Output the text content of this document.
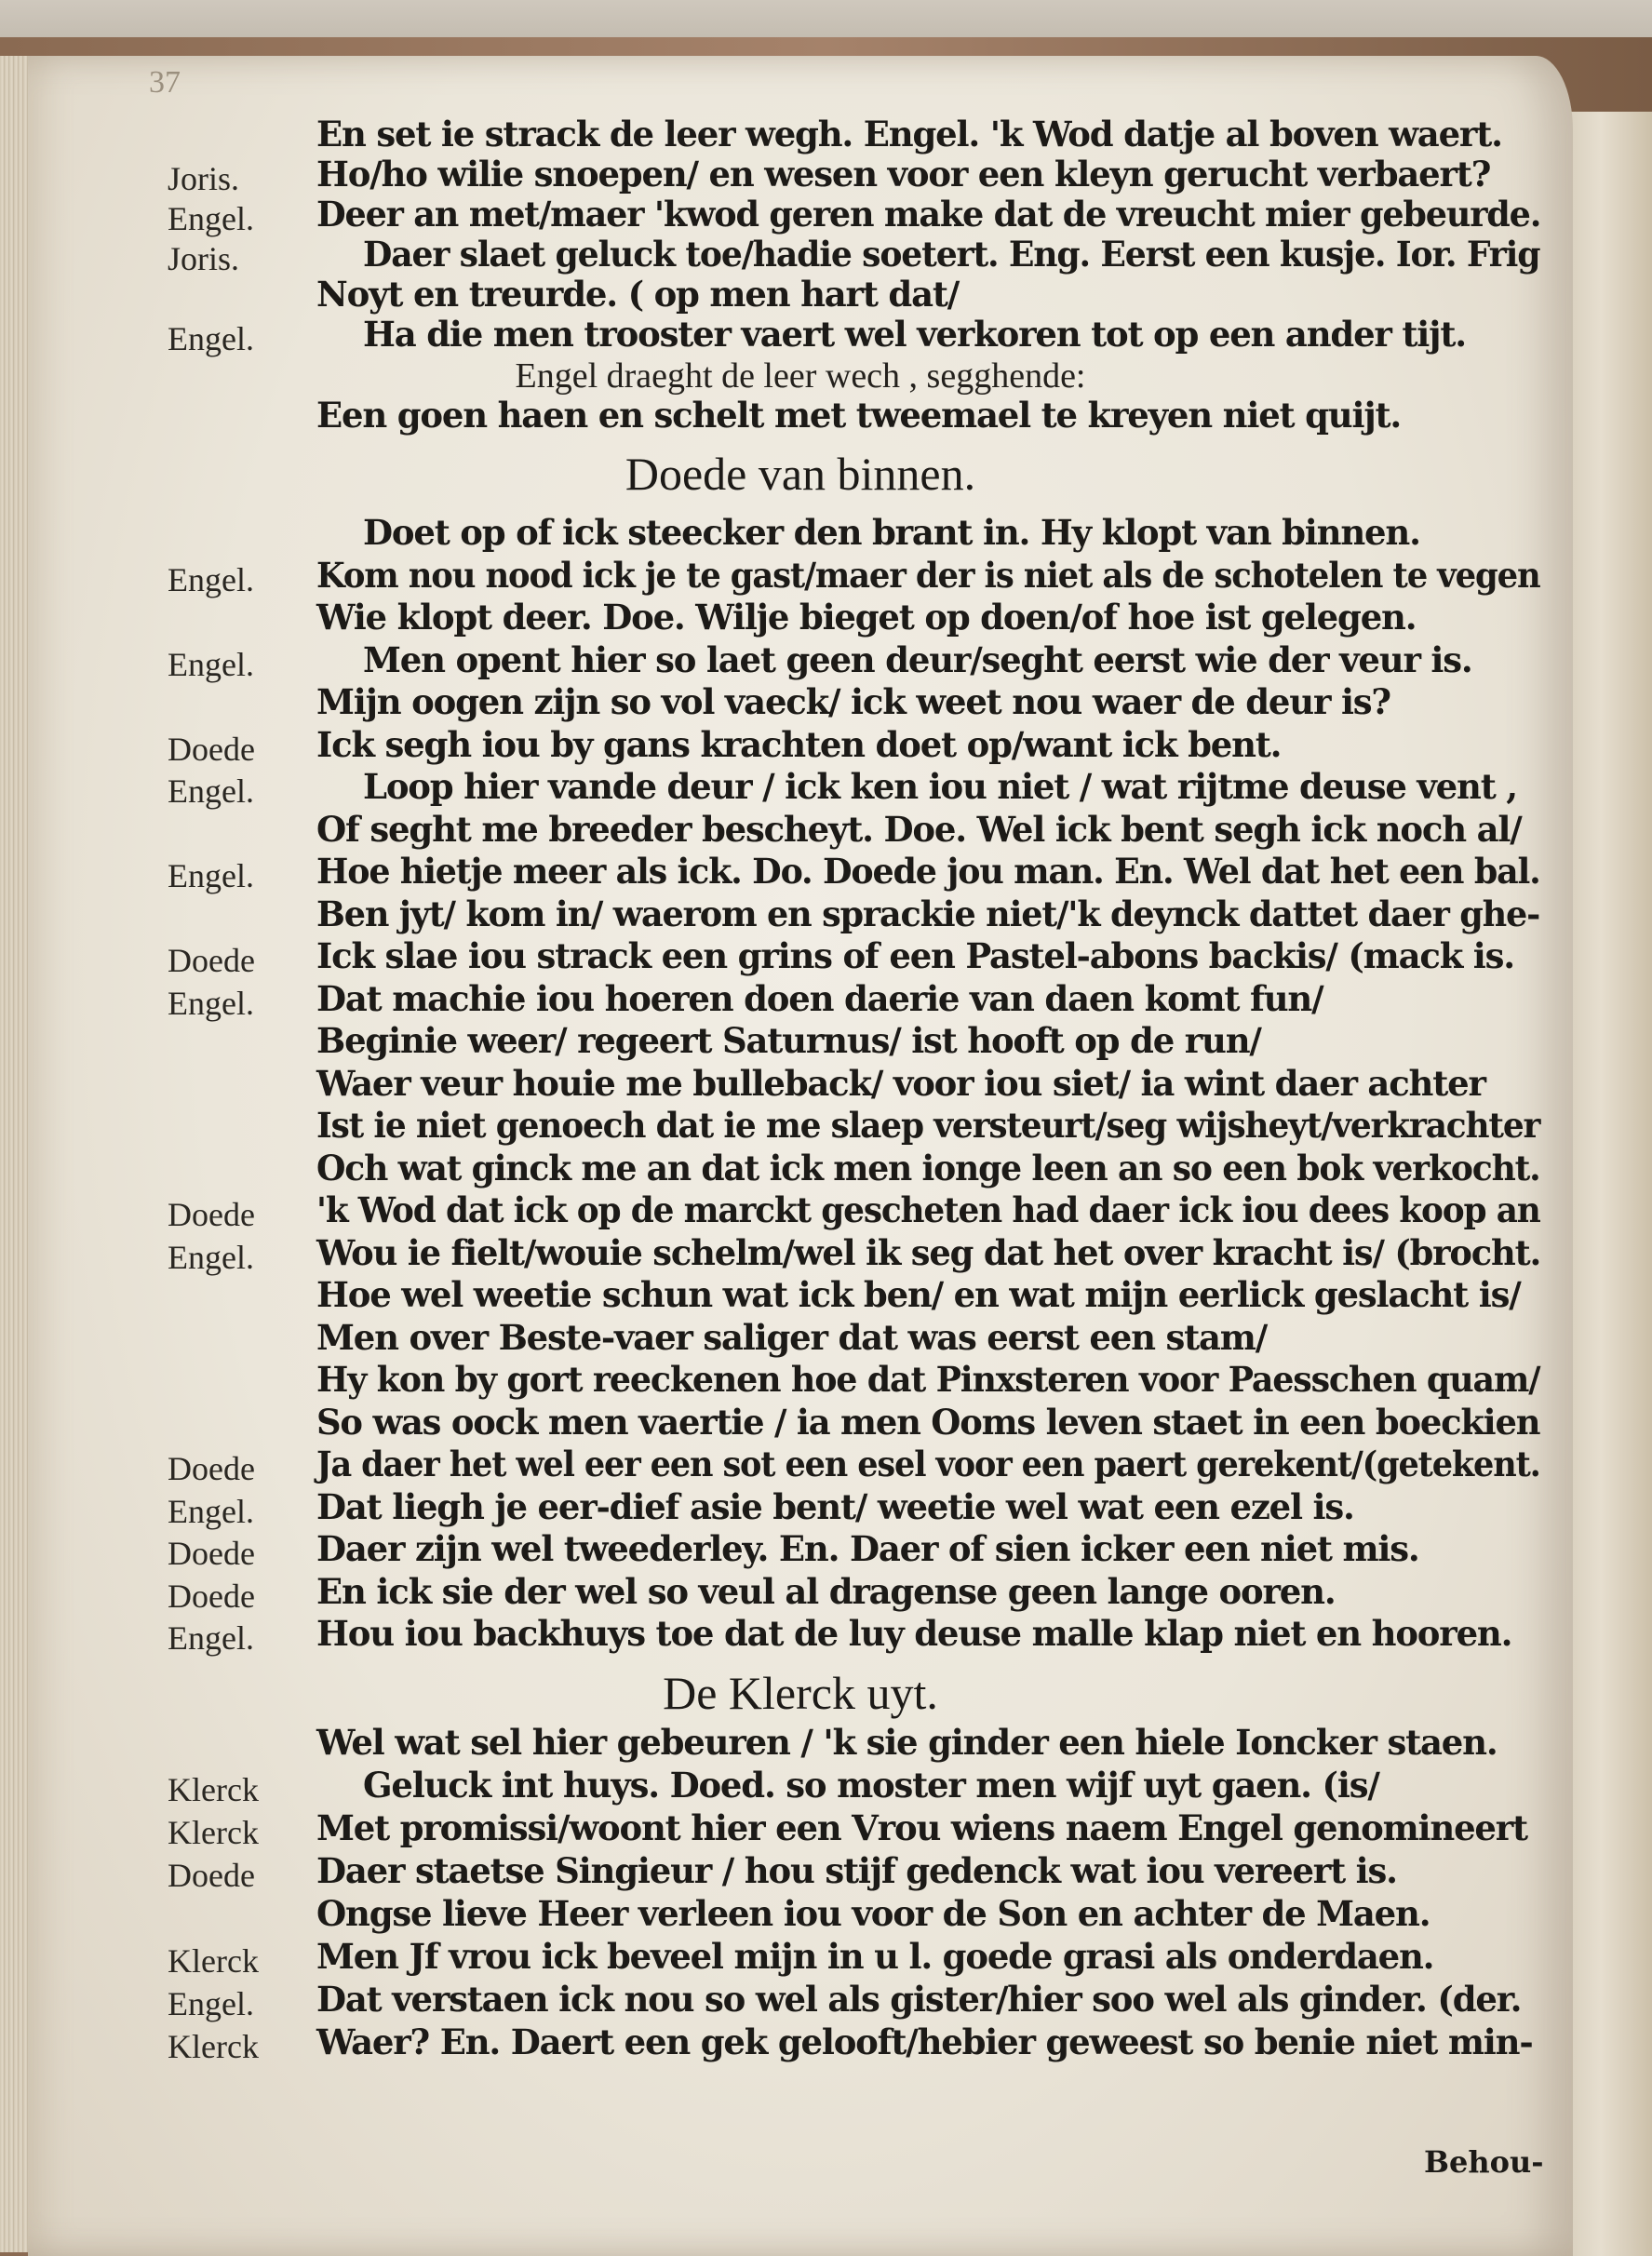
37
En set ie strack de leer wegh. Engel. 'k Wod datje al boven waert.
Joris.	Ho/ho wilie snoepen/ en wesen voor een kleyn gerucht verbaert?
Engel.	Deer an met/maer 'kwod geren make dat de vreucht mier gebeurde.
Joris.	Daer slaet geluck toe/hadie soetert. Eng. Eerst een kusje. Ior. Frig
Noyt en treurde. ( op men hart dat/
Engel.	Ha die men trooster vaert wel verkoren tot op een ander tijt.
Engel draeght de leer wech , segghende:
Een goen haen en schelt met tweemael te kreyen niet quijt.
Doede van binnen.
Doet op of ick steecker den brant in. Hy klopt van binnen.
Engel.	Kom nou nood ick je te gast/maer der is niet als de schotelen te vegen
Wie klopt deer. Doe. Wilje bieget op doen/of hoe ist gelegen.
Engel.	Men opent hier so laet geen deur/seght eerst wie der veur is.
Mijn oogen zijn so vol vaeck/ ick weet nou waer de deur is?
Doede	Ick segh iou by gans krachten doet op/want ick bent.
Engel.	Loop hier vande deur / ick ken iou niet / wat rijtme deuse vent ,
Of seght me breeder bescheyt. Doe. Wel ick bent segh ick noch al/
Engel.	Hoe hietje meer als ick. Do. Doede jou man. En. Wel dat het een bal.
Ben jyt/ kom in/ waerom en sprackie niet/'k deynck dattet daer ghe-
Doede	Ick slae iou strack een grins of een Pastel-abons backis/ (mack is.
Engel.	Dat machie iou hoeren doen daerie van daen komt fun/
Beginie weer/ regeert Saturnus/ ist hooft op de run/
Waer veur houie me bulleback/ voor iou siet/ ia wint daer achter
Ist ie niet genoech dat ie me slaep versteurt/seg wijsheyt/verkrachter
Och wat ginck me an dat ick men ionge leen an so een bok verkocht.
Doede	'k Wod dat ick op de marckt gescheten had daer ick iou dees koop an
Engel.	Wou ie fielt/wouie schelm/wel ik seg dat het over kracht is/ (brocht.
Hoe wel weetie schun wat ick ben/ en wat mijn eerlick geslacht is/
Men over Beste-vaer saliger dat was eerst een stam/
Hy kon by gort reeckenen hoe dat Pinxsteren voor Paesschen quam/
So was oock men vaertie / ia men Ooms leven staet in een boeckien
Doede	Ja daer het wel eer een sot een esel voor een paert gerekent/(getekent.
Engel.	Dat liegh je eer-dief asie bent/ weetie wel wat een ezel is.
Doede	Daer zijn wel tweederley. En. Daer of sien icker een niet mis.
Doede	En ick sie der wel so veul al dragense geen lange ooren.
Engel.	Hou iou backhuys toe dat de luy deuse malle klap niet en hooren.
De Klerck uyt.
Wel wat sel hier gebeuren / 'k sie ginder een hiele Ioncker staen.
Klerck	Geluck int huys. Doed. so moster men wijf uyt gaen. (is/
Klerck	Met promissi/woont hier een Vrou wiens naem Engel genomineert
Doede	Daer staetse Singieur / hou stijf gedenck wat iou vereert is.
Ongse lieve Heer verleen iou voor de Son en achter de Maen.
Klerck	Men Jf vrou ick beveel mijn in u l. goede grasi als onderdaen.
Engel.	Dat verstaen ick nou so wel als gister/hier soo wel als ginder. (der.
Klerck	Waer? En. Daert een gek gelooft/hebier geweest so benie niet min-
Behou-
